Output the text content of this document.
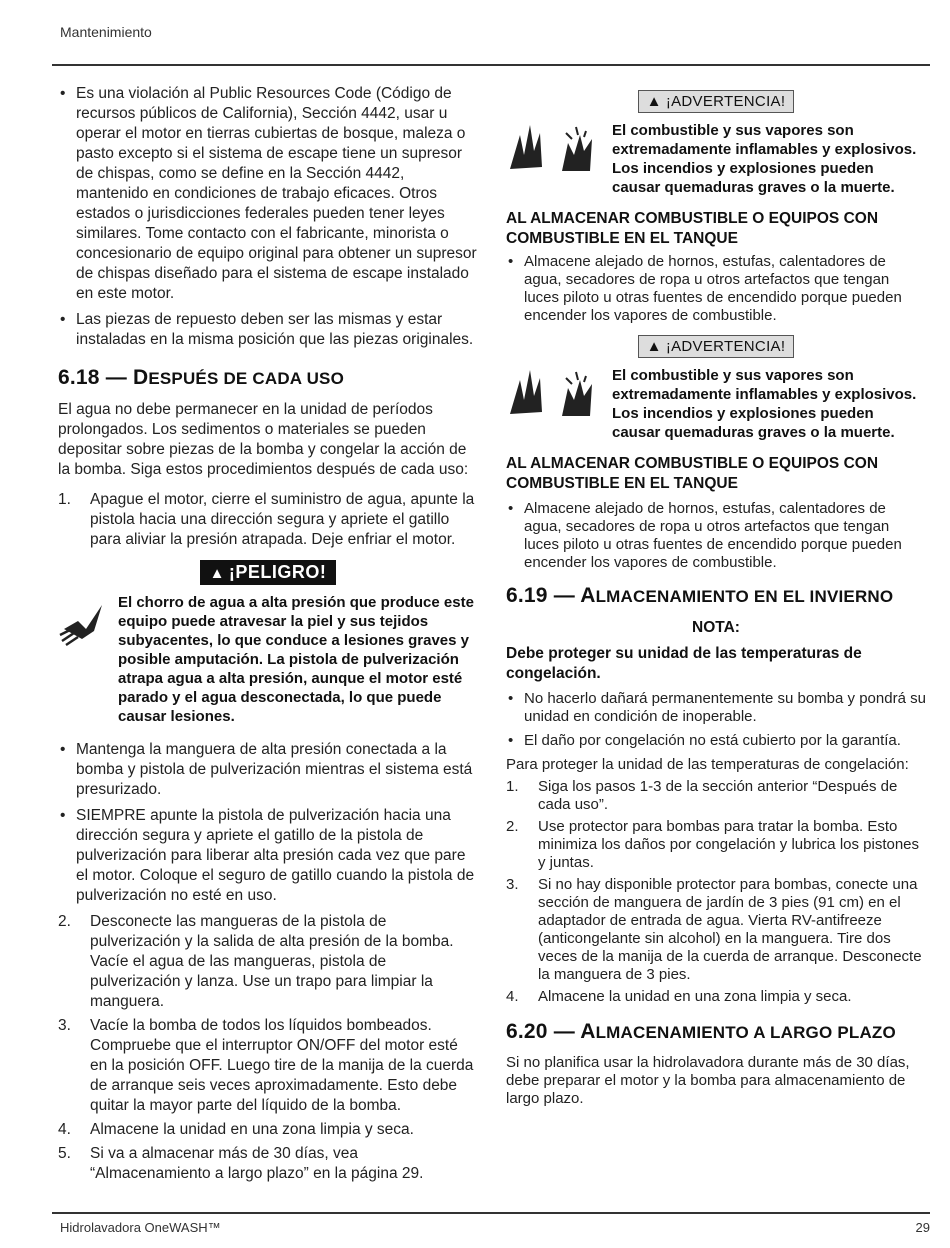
Mantenimiento
• Es una violación al Public Resources Code (Código de recursos públicos de California), Sección 4442, usar u operar el motor en tierras cubiertas de bosque, maleza o pasto excepto si el sistema de escape tiene un supresor de chispas, como se define en la Sección 4442, mantenido en condiciones de trabajo eficaces. Otros estados o jurisdicciones federales pueden tener leyes similares. Tome contacto con el fabricante, minorista o concesionario de equipo original para obtener un supresor de chispas diseñado para el sistema de escape instalado en este motor.
• Las piezas de repuesto deben ser las mismas y estar instaladas en la misma posición que las piezas originales.
6.18 — DESPUÉS DE CADA USO

El agua no debe permanecer en la unidad de períodos prolongados. Los sedimentos o materiales se pueden depositar sobre piezas de la bomba y congelar la acción de la bomba. Siga estos procedimientos después de cada uso:

1. Apague el motor, cierre el suministro de agua, apunte la pistola hacia una dirección segura y apriete el gatillo para aliviar la presión atrapada. Deje enfriar el motor.
▲ ¡PELIGRO!
El chorro de agua a alta presión que produce este equipo puede atravesar la piel y sus tejidos subyacentes, lo que conduce a lesiones graves y posible amputación. La pistola de pulverización atrapa agua a alta presión, aunque el motor esté parado y el agua desconectada, lo que puede causar lesiones.
• Mantenga la manguera de alta presión conectada a la bomba y pistola de pulverización mientras el sistema está presurizado.
• SIEMPRE apunte la pistola de pulverización hacia una dirección segura y apriete el gatillo de la pistola de pulverización para liberar alta presión cada vez que pare el motor. Coloque el seguro de gatillo cuando la pistola de pulverización no esté en uso.
2. Desconecte las mangueras de la pistola de pulverización y la salida de alta presión de la bomba. Vacíe el agua de las mangueras, pistola de pulverización y lanza. Use un trapo para limpiar la manguera.
3. Vacíe la bomba de todos los líquidos bombeados. Compruebe que el interruptor ON/OFF del motor esté en la posición OFF. Luego tire de la manija de la cuerda de arranque seis veces aproximadamente. Esto debe quitar la mayor parte del líquido de la bomba.
4. Almacene la unidad en una zona limpia y seca.
5. Si va a almacenar más de 30 días, vea “Almacenamiento a largo plazo” en la página 29.
▲ ¡ADVERTENCIA!
El combustible y sus vapores son extremadamente inflamables y explosivos. Los incendios y explosiones pueden causar quemaduras graves o la muerte.

AL ALMACENAR COMBUSTIBLE O EQUIPOS CON COMBUSTIBLE EN EL TANQUE

• Almacene alejado de hornos, estufas, calentadores de agua, secadores de ropa u otros artefactos que tengan luces piloto u otras fuentes de encendido porque pueden encender los vapores de combustible.
▲ ¡ADVERTENCIA!
El combustible y sus vapores son extremadamente inflamables y explosivos. Los incendios y explosiones pueden causar quemaduras graves o la muerte.

AL ALMACENAR COMBUSTIBLE O EQUIPOS CON COMBUSTIBLE EN EL TANQUE

• Almacene alejado de hornos, estufas, calentadores de agua, secadores de ropa u otros artefactos que tengan luces piloto u otras fuentes de encendido porque pueden encender los vapores de combustible.
6.19 — ALMACENAMIENTO EN EL INVIERNO

NOTA:

Debe proteger su unidad de las temperaturas de congelación.

• No hacerlo dañará permanentemente su bomba y pondrá su unidad en condición de inoperable.
• El daño por congelación no está cubierto por la garantía.

Para proteger la unidad de las temperaturas de congelación:

1. Siga los pasos 1-3 de la sección anterior “Después de cada uso”.
2. Use protector para bombas para tratar la bomba. Esto minimiza los daños por congelación y lubrica los pistones y juntas.
3. Si no hay disponible protector para bombas, conecte una sección de manguera de jardín de 3 pies (91 cm) en el adaptador de entrada de agua. Vierta RV-antifreeze (anticongelante sin alcohol) en la manguera. Tire dos veces de la manija de la cuerda de arranque. Desconecte la manguera de 3 pies.
4. Almacene la unidad en una zona limpia y seca.
6.20 — ALMACENAMIENTO A LARGO PLAZO

Si no planifica usar la hidrolavadora durante más de 30 días, debe preparar el motor y la bomba para almacenamiento de largo plazo.

Hidrolavadora OneWASH™	29
